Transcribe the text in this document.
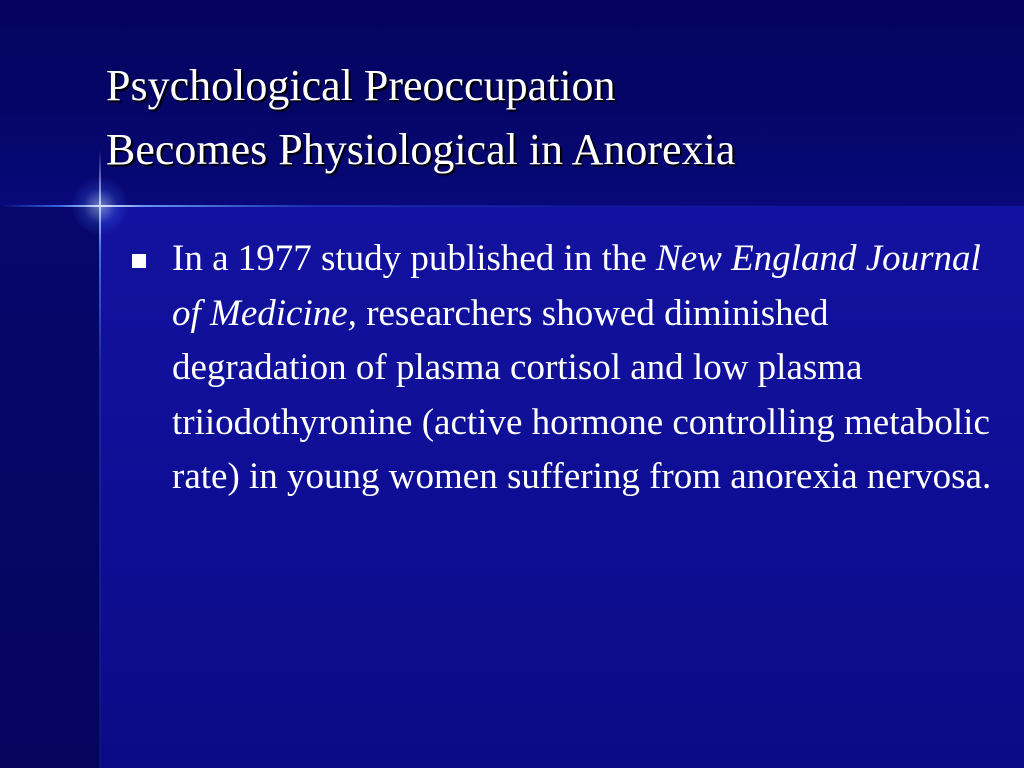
Psychological Preoccupation
Becomes Physiological in Anorexia
In a 1977 study published in the New England Journal of Medicine, researchers showed diminished degradation of plasma cortisol and low plasma triiodothyronine (active hormone controlling metabolic rate) in young women suffering from anorexia nervosa.
